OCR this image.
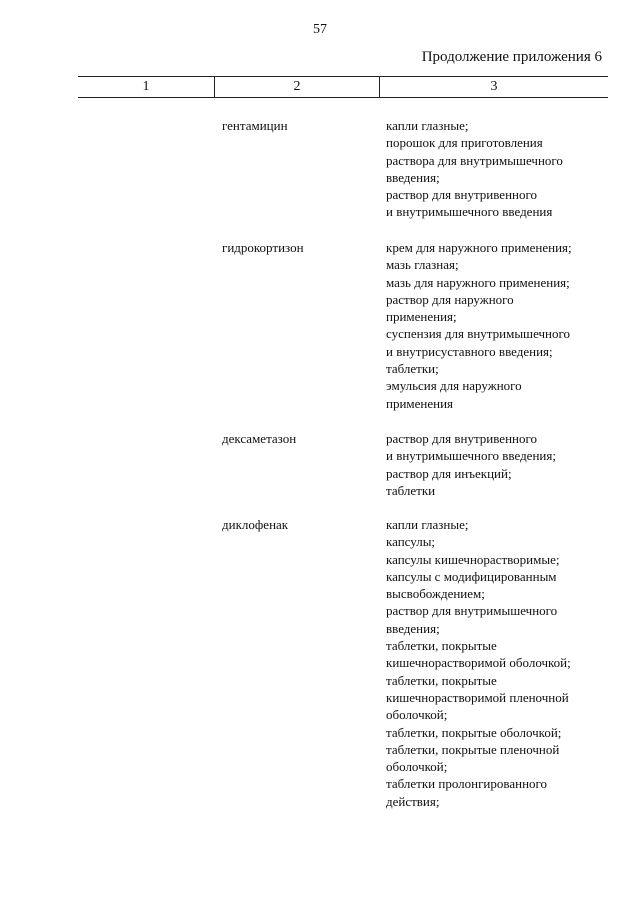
57
Продолжение приложения 6
1	2	3
гентамицин	капли глазные;
порошок для приготовления
раствора для внутримышечного
введения;
раствор для внутривенного
и внутримышечного введения
гидрокортизон	крем для наружного применения;
мазь глазная;
мазь для наружного применения;
раствор для наружного
применения;
суспензия для внутримышечного
и внутрисуставного введения;
таблетки;
эмульсия для наружного
применения
дексаметазон	раствор для внутривенного
и внутримышечного введения;
раствор для инъекций;
таблетки
диклофенак	капли глазные;
капсулы;
капсулы кишечнорастворимые;
капсулы с модифицированным
высвобождением;
раствор для внутримышечного
введения;
таблетки, покрытые
кишечнорастворимой оболочкой;
таблетки, покрытые
кишечнорастворимой пленочной
оболочкой;
таблетки, покрытые оболочкой;
таблетки, покрытые пленочной
оболочкой;
таблетки пролонгированного
действия;
